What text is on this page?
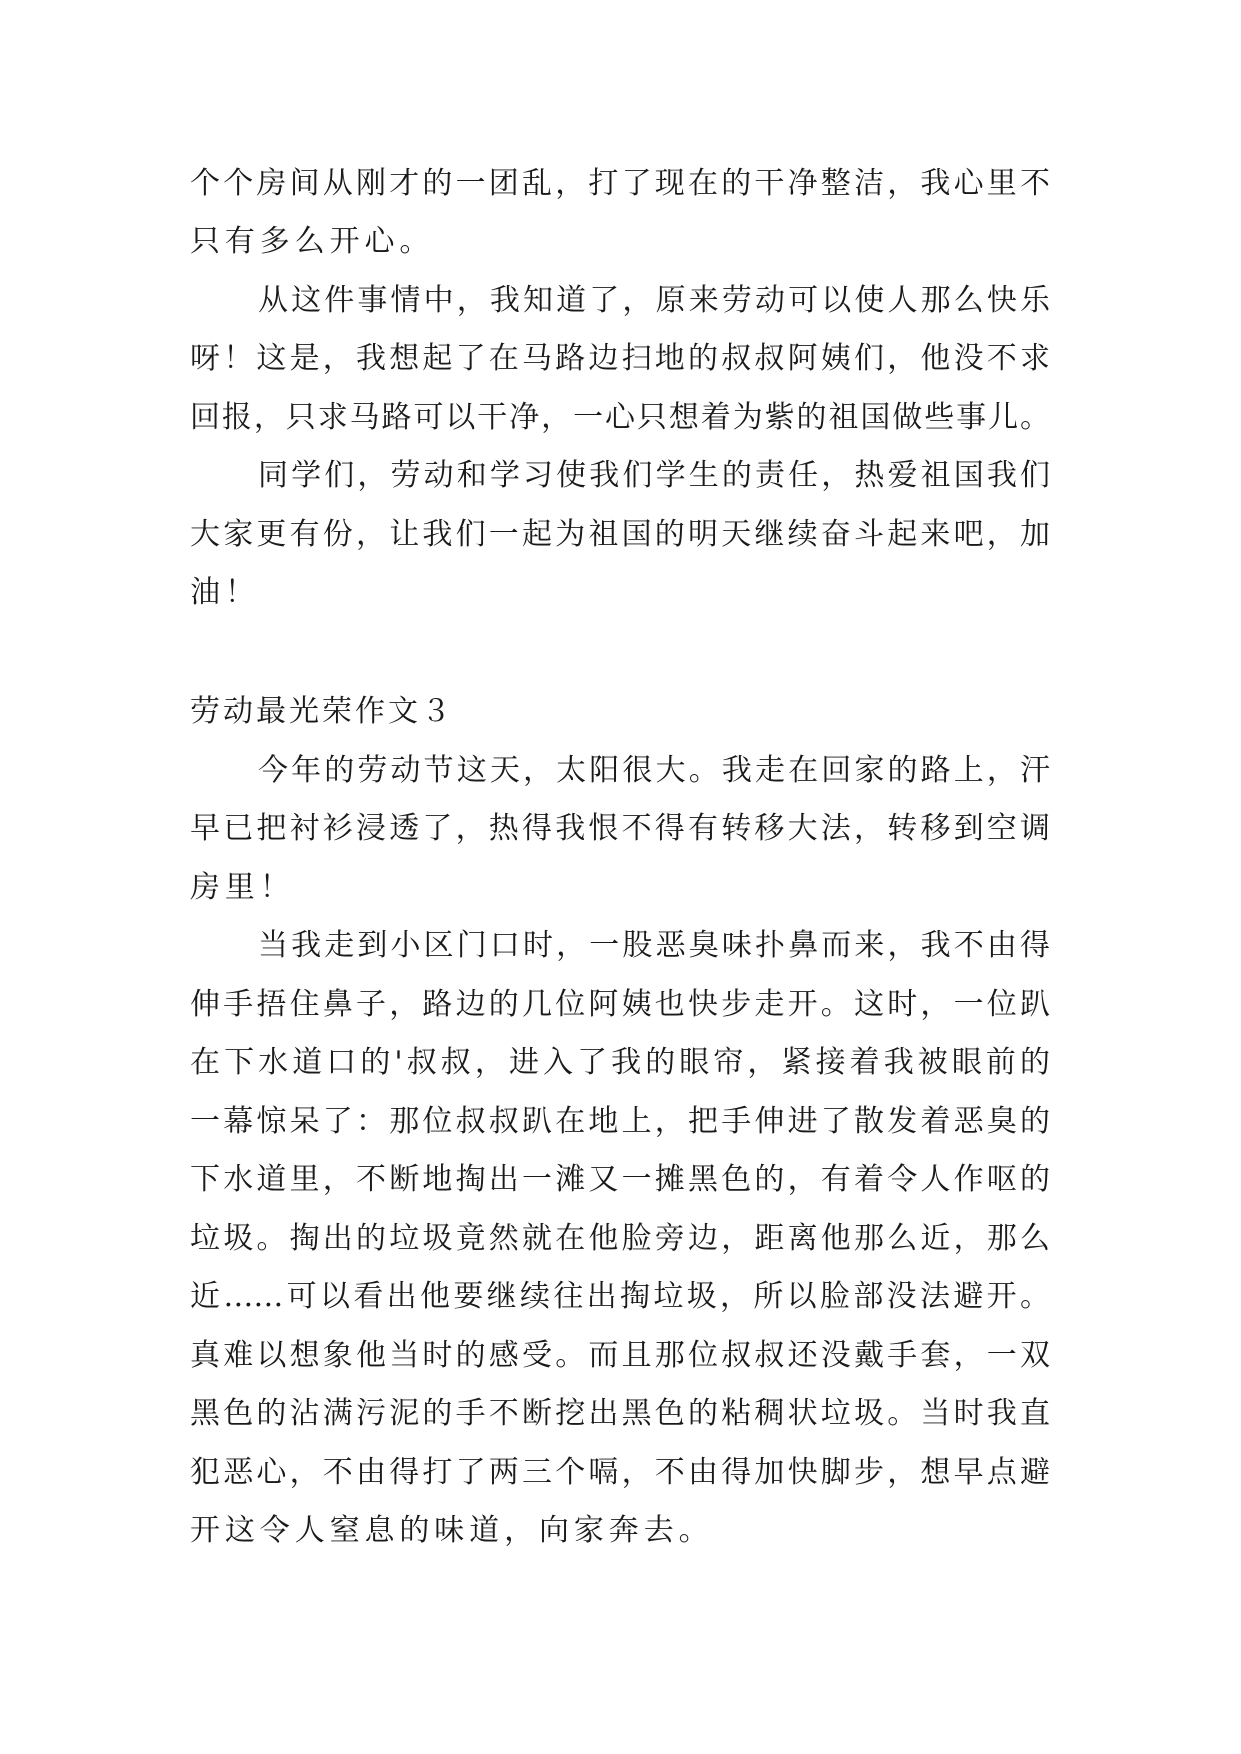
个个房间从刚才的一团乱，打了现在的干净整洁，我心里不
只有多么开心。
从这件事情中，我知道了，原来劳动可以使人那么快乐
呀！这是，我想起了在马路边扫地的叔叔阿姨们，他没不求
回报，只求马路可以干净，一心只想着为紫的祖国做些事儿。
同学们，劳动和学习使我们学生的责任，热爱祖国我们
大家更有份，让我们一起为祖国的明天继续奋斗起来吧，加
油！
劳动最光荣作文３
今年的劳动节这天，太阳很大。我走在回家的路上，汗
早已把衬衫浸透了，热得我恨不得有转移大法，转移到空调
房里！
当我走到小区门口时，一股恶臭味扑鼻而来，我不由得
伸手捂住鼻子，路边的几位阿姨也快步走开。这时，一位趴
在下水道口的'叔叔，进入了我的眼帘，紧接着我被眼前的
一幕惊呆了：那位叔叔趴在地上，把手伸进了散发着恶臭的
下水道里，不断地掏出一滩又一摊黑色的，有着令人作呕的
垃圾。掏出的垃圾竟然就在他脸旁边，距离他那么近，那么
近……可以看出他要继续往出掏垃圾，所以脸部没法避开。
真难以想象他当时的感受。而且那位叔叔还没戴手套，一双
黑色的沾满污泥的手不断挖出黑色的粘稠状垃圾。当时我直
犯恶心，不由得打了两三个嗝，不由得加快脚步，想早点避
开这令人窒息的味道，向家奔去。
